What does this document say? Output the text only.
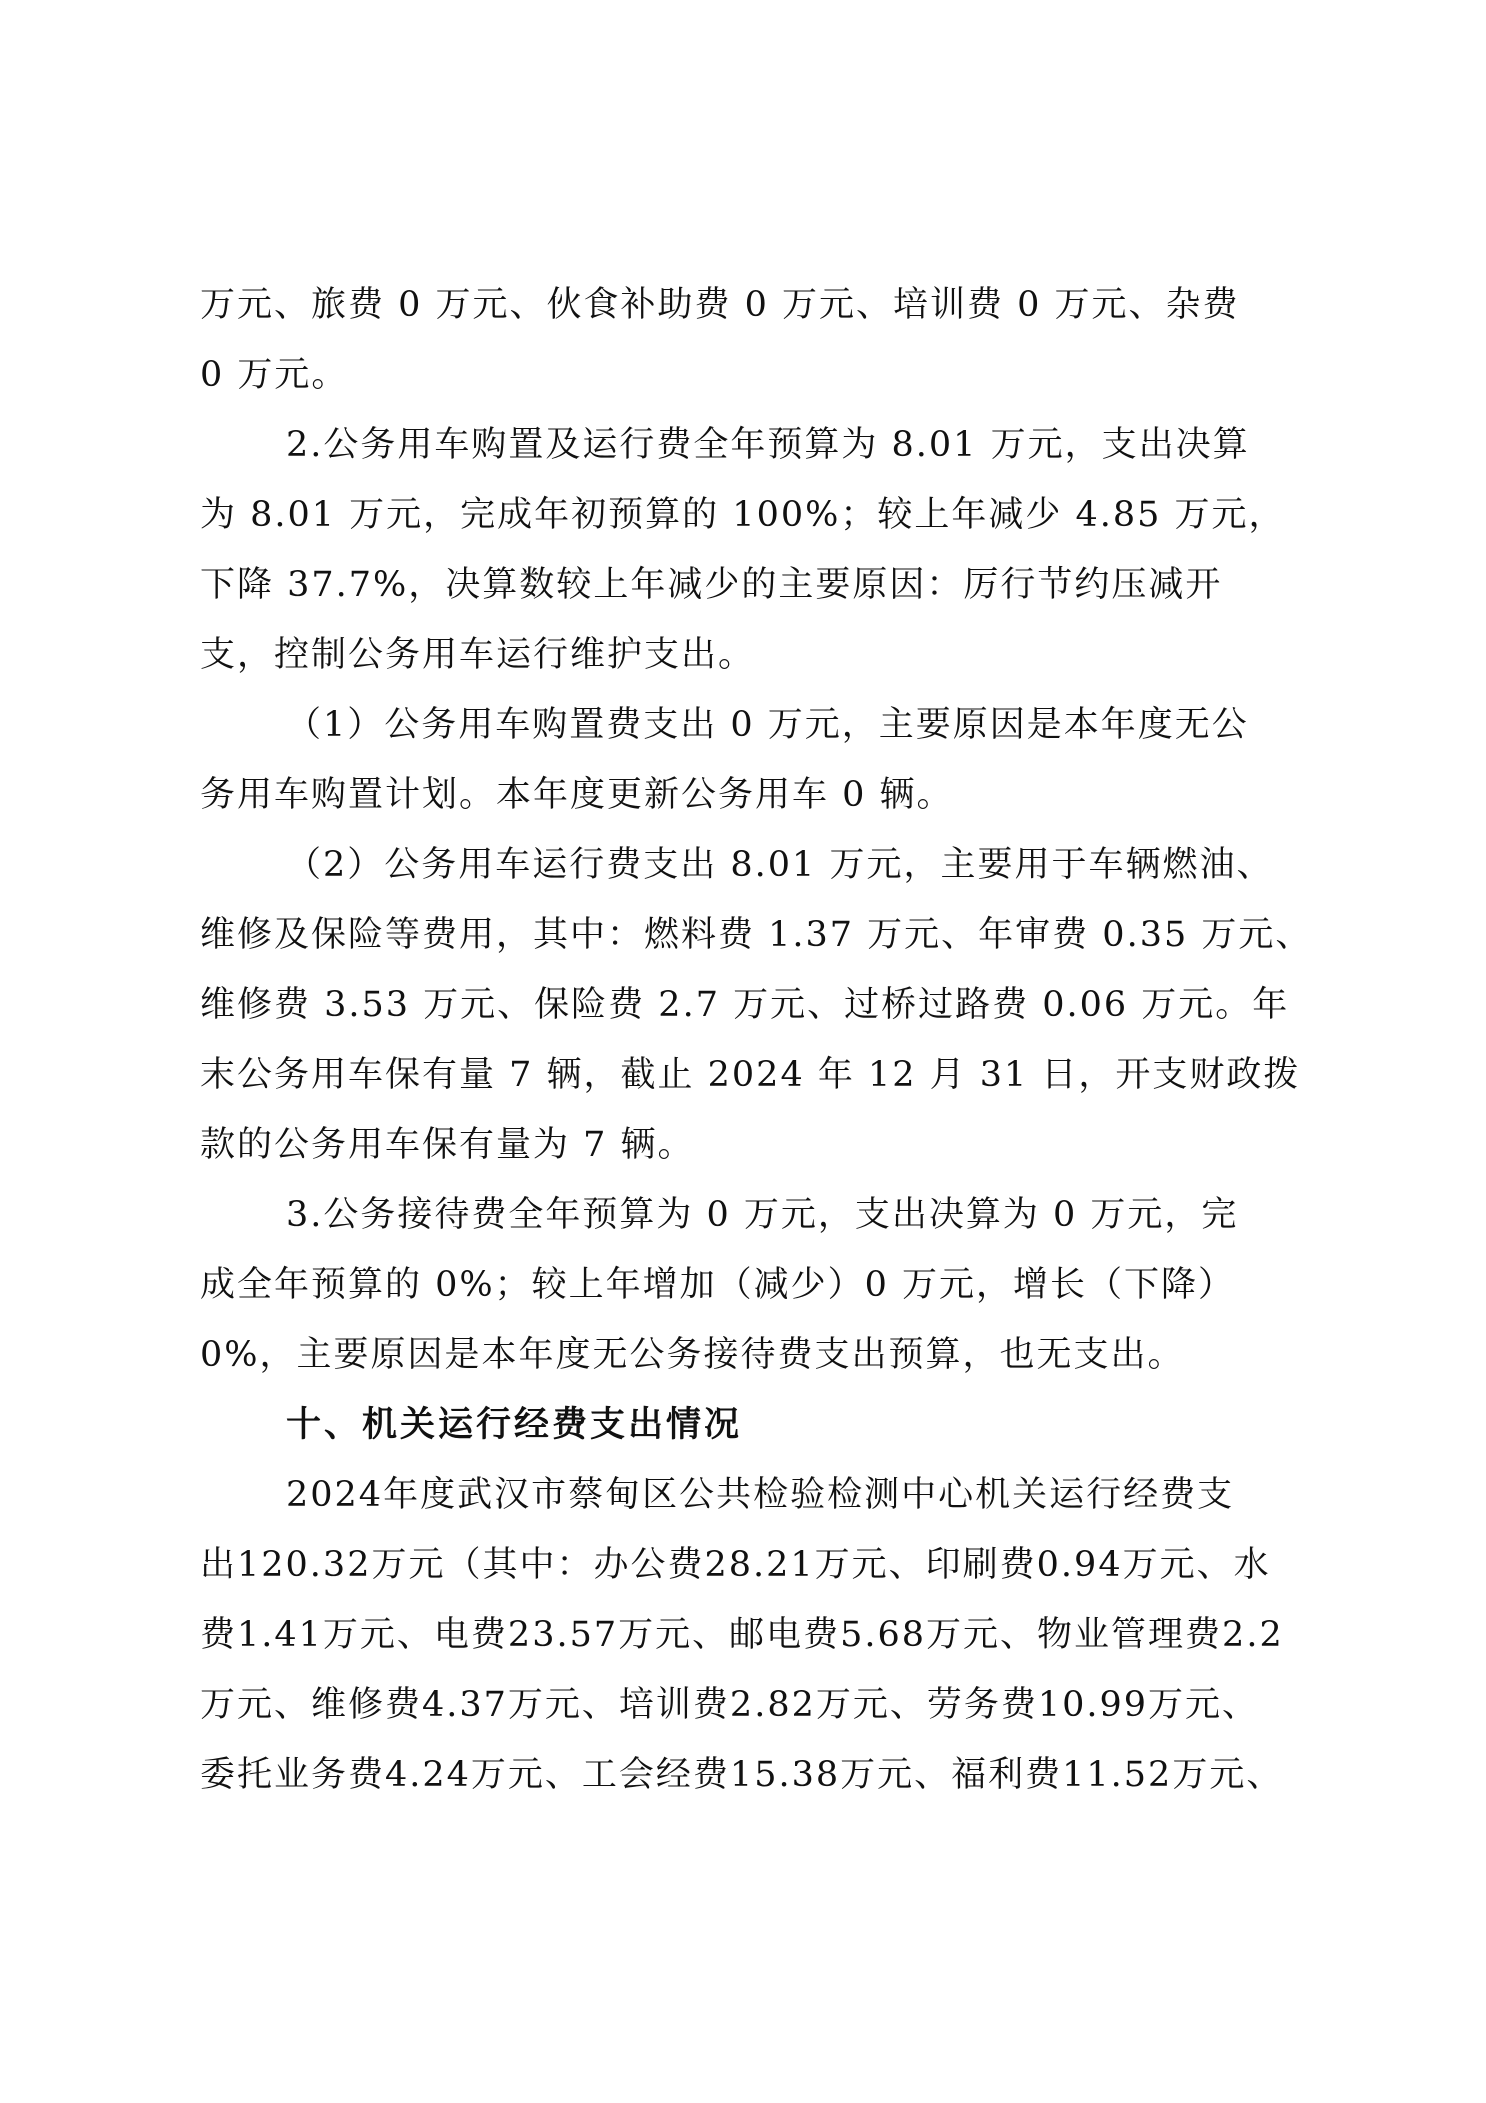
万元、旅费 0 万元、伙食补助费 0 万元、培训费 0 万元、杂费
0 万元。
2.公务用车购置及运行费全年预算为 8.01 万元，支出决算
为 8.01 万元，完成年初预算的 100%；较上年减少 4.85 万元，
下降 37.7%，决算数较上年减少的主要原因：厉行节约压减开
支，控制公务用车运行维护支出。
（1）公务用车购置费支出 0 万元，主要原因是本年度无公
务用车购置计划。本年度更新公务用车 0 辆。
（2）公务用车运行费支出 8.01 万元，主要用于车辆燃油、
维修及保险等费用，其中：燃料费 1.37 万元、年审费 0.35 万元、
维修费 3.53 万元、保险费 2.7 万元、过桥过路费 0.06 万元。年
末公务用车保有量 7 辆，截止 2024 年 12 月 31 日，开支财政拨
款的公务用车保有量为 7 辆。
3.公务接待费全年预算为 0 万元，支出决算为 0 万元，完
成全年预算的 0%；较上年增加（减少）0 万元，增长（下降）
0%，主要原因是本年度无公务接待费支出预算，也无支出。
十、机关运行经费支出情况
2024年度武汉市蔡甸区公共检验检测中心机关运行经费支
出120.32万元（其中：办公费28.21万元、印刷费0.94万元、水
费1.41万元、电费23.57万元、邮电费5.68万元、物业管理费2.2
万元、维修费4.37万元、培训费2.82万元、劳务费10.99万元、
委托业务费4.24万元、工会经费15.38万元、福利费11.52万元、
